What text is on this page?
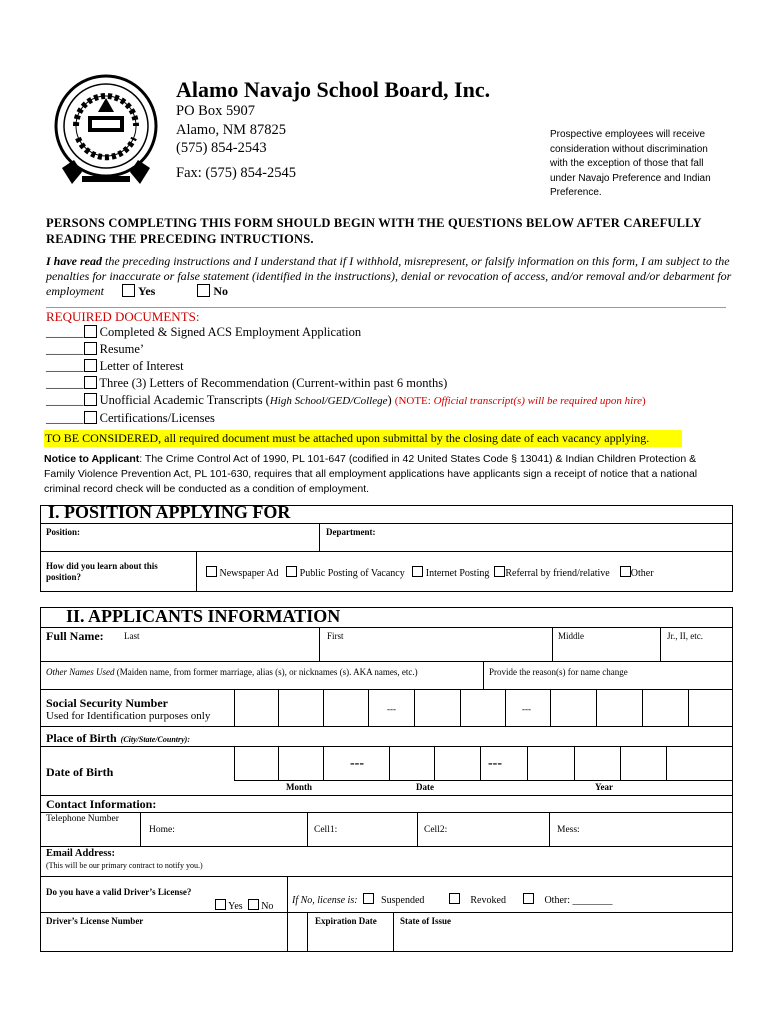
Alamo Navajo School Board, Inc.
PO Box 5907
Alamo, NM 87825
(575) 854-2543
Fax: (575) 854-2545
Prospective employees will receive consideration without discrimination with the exception of those that fall under Navajo Preference and Indian Preference.
PERSONS COMPLETING THIS FORM SHOULD BEGIN WITH THE QUESTIONS BELOW AFTER CAREFULLY READING THE PRECEDING INTRUCTIONS.
I have read the preceding instructions and I understand that if I withhold, misrepresent, or falsify information on this form, I am subject to the penalties for inaccurate or false statement (identified in the instructions), denial or revocation of access, and/or removal and/or debarment for employment	Yes	No
REQUIRED DOCUMENTS:
______ Completed & Signed ACS Employment Application
______ Resume’
______ Letter of Interest
______ Three (3) Letters of Recommendation (Current-within past 6 months)
______ Unofficial Academic Transcripts (High School/GED/College) (NOTE: Official transcript(s) will be required upon hire)
______ Certifications/Licenses
TO BE CONSIDERED, all required document must be attached upon submittal by the closing date of each vacancy applying.
Notice to Applicant: The Crime Control Act of 1990, PL 101-647 (codified in 42 United States Code § 13041) & Indian Children Protection & Family Violence Prevention Act, PL 101-630, requires that all employment applications have applicants sign a receipt of notice that a national criminal record check will be conducted as a condition of employment.
I. POSITION APPLYING FOR
Position:	Department:
How did you learn about this position?	Newspaper Ad Public Posting of Vacancy Internet Posting Referral by friend/relative Other
II. APPLICANTS INFORMATION
Full Name: Last	First	Middle	Jr., II, etc.
Other Names Used (Maiden name, from former marriage, alias (s), or nicknames (s). AKA names, etc.)	Provide the reason(s) for name change
Social Security Number
Used for Identification purposes only
---	---
Place of Birth (City/State/Country):
Date of Birth
---	---
Month	Date	Year
Contact Information:
Telephone Number
Home:	Cell1:	Cell2:	Mess:
Email Address:
(This will be our primary contract to notify you.)
Do you have a valid Driver’s License?
Yes No
If No, license is: Suspended	Revoked	Other: ________
Driver’s License Number	Expiration Date	State of Issue
